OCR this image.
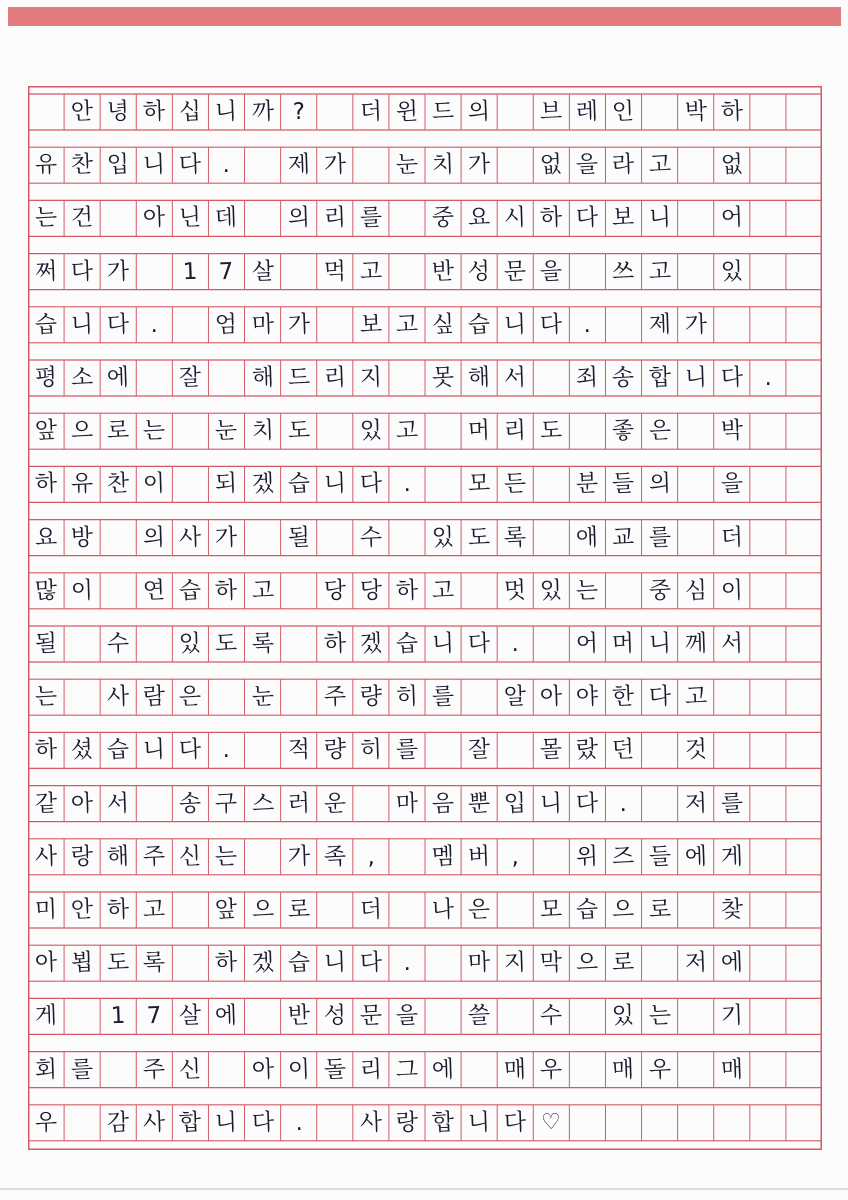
안 녕 하 십 니 까 ?	더 윈 드 의	브 레 인	박 하
유 찬 입 니 다 .	제 가	눈 치 가	없 을 라 고	없
는 건	아 닌 데	의 리 를	중 요 시 하 다 보 니	어
쩌 다 가	1 7 살	먹 고	반 성 문 을	쓰 고	있
습 니 다 .	엄 마 가	보 고 싶 습 니 다 .	제 가
평 소 에	잘	해 드 리 지	못 해 서	죄 송 합 니 다 .
앞 으 로 는	눈 치 도	있 고	머 리 도	좋 은	박
하 유 찬 이	되 겠 습 니 다 .	모 든	분 들 의	을
요 방	의 사 가	될	수	있 도 록	애 교 를	더
많 이	연 습 하 고	당 당 하 고	멋 있 는	중 심 이
될	수	있 도 록	하 겠 습 니 다 .	어 머 니 께 서
는	사 람 은	눈	주 량 히 를	알 아 야 한 다 고
하 셨 습 니 다 .	적 량 히 를	잘	몰 랐 던	것
같 아 서	송 구 스 러 운	마 음 뿐 입 니 다 .	저 를
사 랑 해 주 신 는	가 족 ,	멤 버 ,	위 즈 들 에 게
미 안 하 고	앞 으 로	더	나 은	모 습 으 로	찾
아 뵙 도 록	하 겠 습 니 다 .	마 지 막 으 로	저 에
게	1 7 살 에	반 성 문 을	쓸	수	있 는	기
회 를	주 신	아 이 돌 리 그 에	매 우	매 우	매
우	감 사 합 니 다 .	사 랑 합 니 다 ♡
